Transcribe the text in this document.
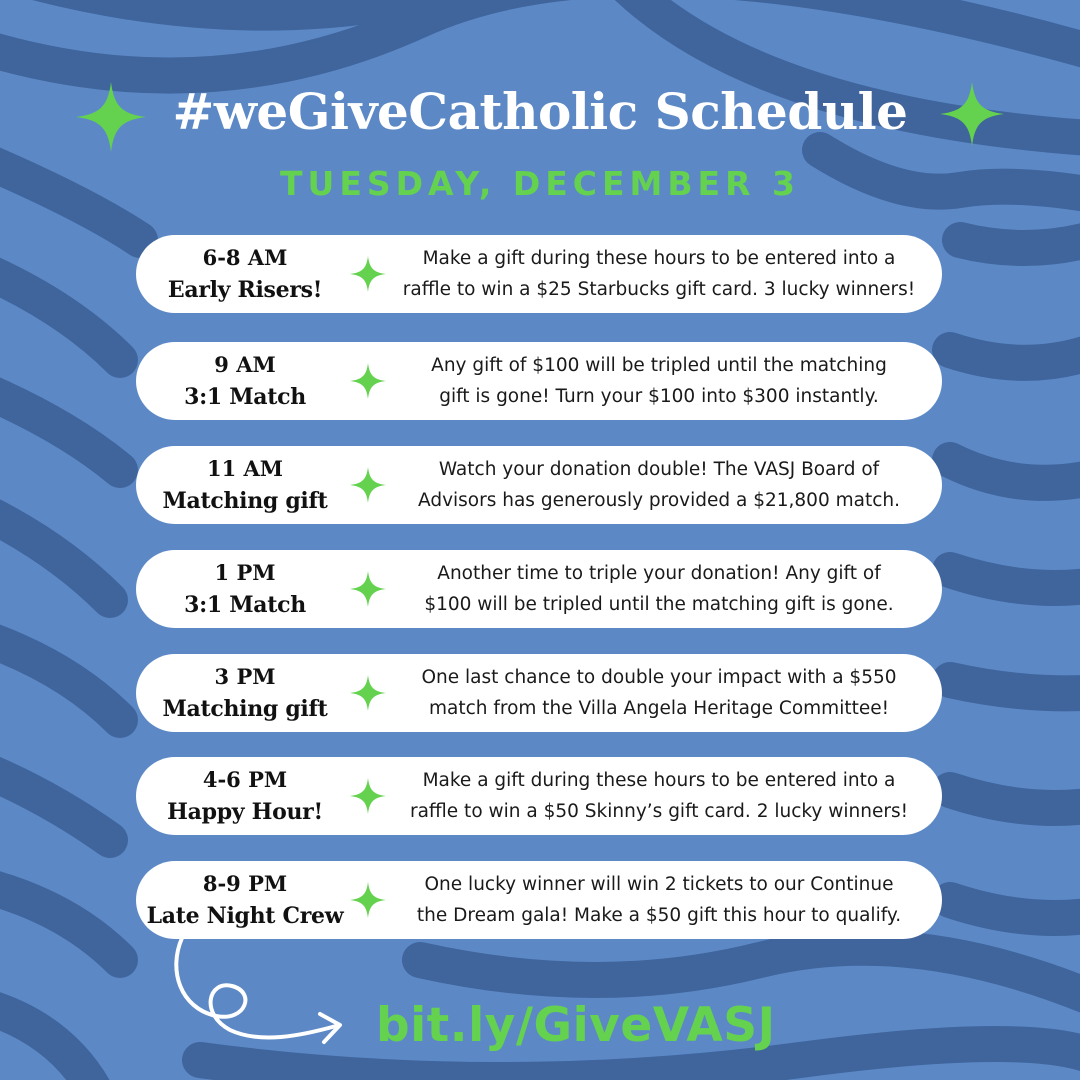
#weGiveCatholic Schedule
TUESDAY, DECEMBER 3
6-8 AM
Early Risers!
Make a gift during these hours to be entered into a
raffle to win a $25 Starbucks gift card. 3 lucky winners!
9 AM
3:1 Match
Any gift of $100 will be tripled until the matching
gift is gone! Turn your $100 into $300 instantly.
11 AM
Matching gift
Watch your donation double! The VASJ Board of
Advisors has generously provided a $21,800 match.
1 PM
3:1 Match
Another time to triple your donation! Any gift of
$100 will be tripled until the matching gift is gone.
3 PM
Matching gift
One last chance to double your impact with a $550
match from the Villa Angela Heritage Committee!
4-6 PM
Happy Hour!
Make a gift during these hours to be entered into a
raffle to win a $50 Skinny’s gift card. 2 lucky winners!
8-9 PM
Late Night Crew
One lucky winner will win 2 tickets to our Continue
the Dream gala! Make a $50 gift this hour to qualify.
bit.ly/GiveVASJ
